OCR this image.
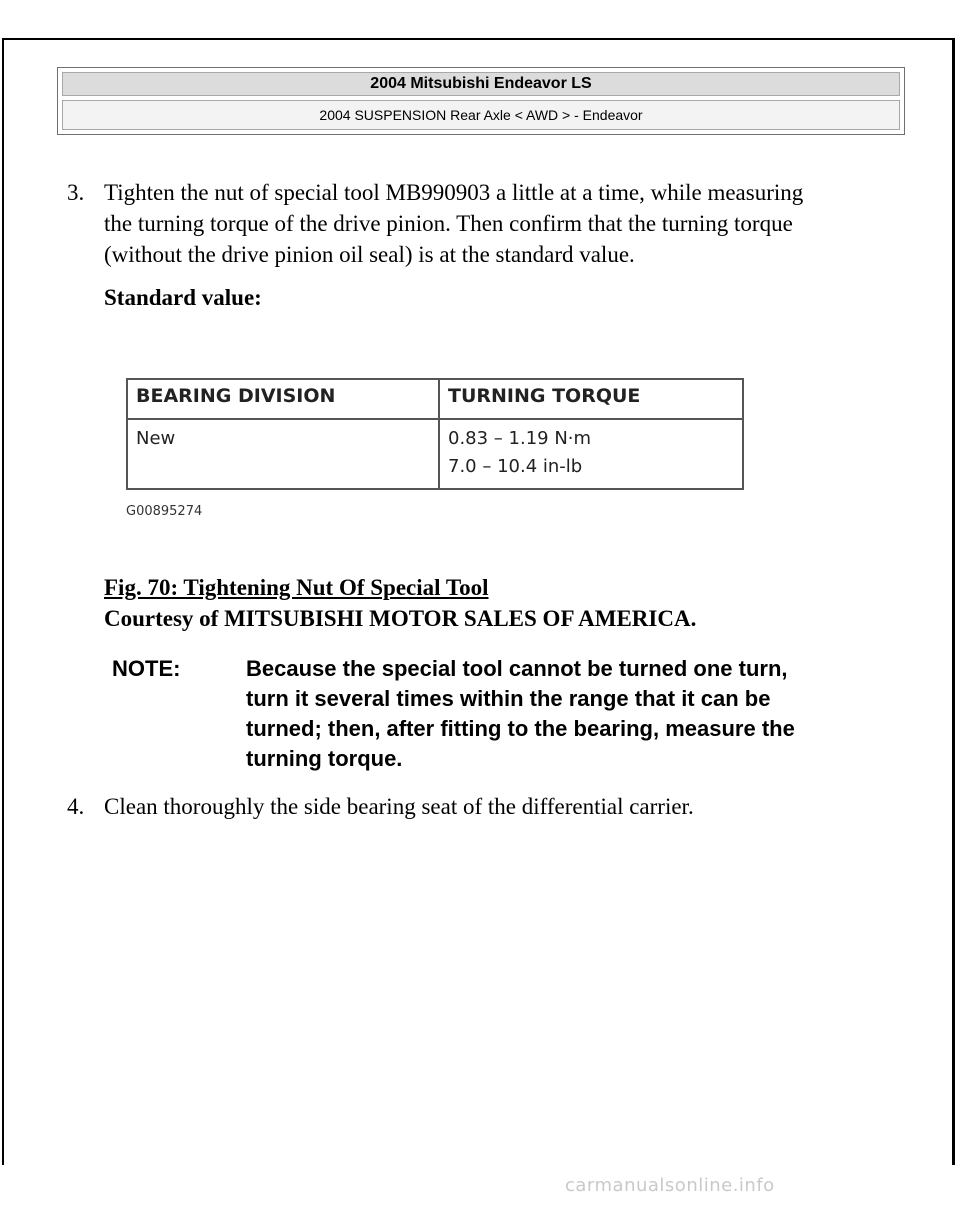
2004 Mitsubishi Endeavor LS
2004 SUSPENSION Rear Axle < AWD > - Endeavor
3. Tighten the nut of special tool MB990903 a little at a time, while measuring
the turning torque of the drive pinion. Then confirm that the turning torque
(without the drive pinion oil seal) is at the standard value.
Standard value:
BEARING DIVISION	TURNING TORQUE
New	0.83 – 1.19 N·m
7.0 – 10.4 in-lb
G00895274
Fig. 70: Tightening Nut Of Special Tool
Courtesy of MITSUBISHI MOTOR SALES OF AMERICA.
NOTE:	Because the special tool cannot be turned one turn,
turn it several times within the range that it can be
turned; then, after fitting to the bearing, measure the
turning torque.
4. Clean thoroughly the side bearing seat of the differential carrier.
carmanualsonline.info
